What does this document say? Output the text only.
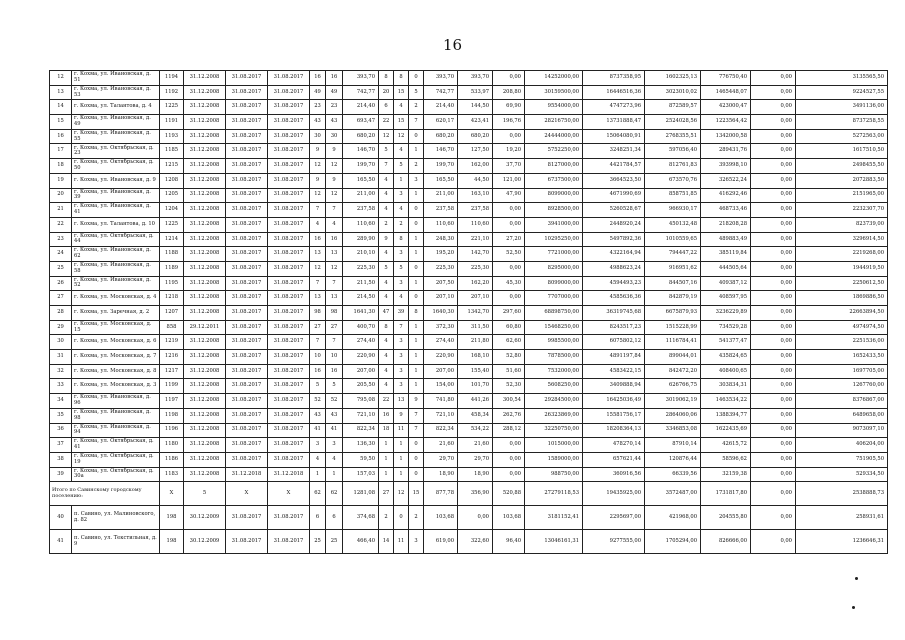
16
12	г. Кохма, ул. Ивановская, д. 51	1194	31.12.2008	31.08.2017	31.08.2017	16	16	393,70	8	8	0	393,70	393,70	0,00	14252000,00	8737358,95	1602325,13	776750,40	0,00	3135565,50
13	г. Кохма, ул. Ивановская, д. 53	1192	31.12.2008	31.08.2017	31.08.2017	49	49	742,77	20	15	5	742,77	533,97	208,80	30159500,00	16446516,36	3023010,02	1465448,07	0,00	9224527,55
14	г. Кохма, ул. Талантова, д. 4	1225	31.12.2008	31.08.2017	31.08.2017	23	23	214,40	6	4	2	214,40	144,50	69,90	9554000,00	4747273,96	872589,57	423000,47	0,00	3491136,00
15	г. Кохма, ул. Ивановская, д. 49	1191	31.12.2008	31.08.2017	31.08.2017	43	43	693,47	22	15	7	620,17	423,41	196,76	28216750,00	13731888,47	2524028,56	1223564,42	0,00	8737258,55
16	г. Кохма, ул. Ивановская, д. 55	1193	31.12.2008	31.08.2017	31.08.2017	30	30	680,20	12	12	0	680,20	680,20	0,00	24444000,00	15064080,91	2768355,51	1342000,58	0,00	5272563,00
17	г. Кохма, ул. Октябрьская, д. 23	1185	31.12.2008	31.08.2017	31.08.2017	9	9	146,70	5	4	1	146,70	127,50	19,20	5752250,00	3248251,34	597056,40	289431,76	0,00	1617510,50
18	г. Кохма, ул. Октябрьская, д. 50	1215	31.12.2008	31.08.2017	31.08.2017	12	12	199,70	7	5	2	199,70	162,00	37,70	8127000,00	4421784,57	812761,83	393998,10	0,00	2498455,50
19	г. Кохма, ул. Ивановская, д. 9	1208	31.12.2008	31.08.2017	31.08.2017	9	9	165,50	4	1	3	165,50	44,50	121,00	6737500,00	3664523,50	673570,76	326522,24	0,00	2072883,50
20	г. Кохма, ул. Ивановская, д. 39	1205	31.12.2008	31.08.2017	31.08.2017	12	12	211,00	4	3	1	211,00	163,10	47,90	8099000,00	4671990,69	858751,85	416292,46	0,00	2151965,00
21	г. Кохма, ул. Ивановская, д. 41	1204	31.12.2008	31.08.2017	31.08.2017	7	7	237,58	4	4	0	237,58	237,58	0,00	8928500,00	5260528,67	966930,17	468733,46	0,00	2232307,70
22	г. Кохма, ул. Талантова, д. 10	1225	31.12.2008	31.08.2017	31.08.2017	4	4	110,60	2	2	0	110,60	110,60	0,00	3941000,00	2448920,24	450132,48	218208,28	0,00	823739,00
23	г. Кохма, ул. Октябрьская, д. 44	1214	31.12.2008	31.08.2017	31.08.2017	16	16	289,90	9	8	1	248,30	221,10	27,20	10295250,00	5497892,36	1010559,65	489883,49	0,00	3296914,50
24	г. Кохма, ул. Ивановская, д. 62	1188	31.12.2008	31.08.2017	31.08.2017	13	13	210,10	4	3	1	195,20	142,70	52,50	7721000,00	4322164,94	794447,22	385119,84	0,00	2219268,00
25	г. Кохма, ул. Ивановская, д. 58	1189	31.12.2008	31.08.2017	31.08.2017	12	12	225,30	5	5	0	225,30	225,30	0,00	8295000,00	4988623,24	916951,62	444505,64	0,00	1944919,50
26	г. Кохма, ул. Ивановская, д. 52	1195	31.12.2008	31.08.2017	31.08.2017	7	7	211,50	4	3	1	207,50	162,20	45,30	8099000,00	4594493,23	844507,16	409387,12	0,00	2250612,50
27	г. Кохма, ул. Московская, д. 4	1218	31.12.2008	31.08.2017	31.08.2017	13	13	214,50	4	4	0	207,10	207,10	0,00	7707000,00	4585636,36	842879,19	408597,95	0,00	1869886,50
28	г. Кохма, ул. Заречная, д. 2	1207	31.12.2008	31.08.2017	31.08.2017	98	98	1641,30	47	39	8	1640,30	1342,70	297,60	68898750,00	36319745,68	6675879,93	3236229,89	0,00	22663894,50
29	г. Кохма, ул. Московская, д. 15	858	29.12.2011	31.08.2017	31.08.2017	27	27	400,70	8	7	1	372,30	311,50	60,80	15468250,00	8243517,23	1515228,99	734529,28	0,00	4974974,50
30	г. Кохма, ул. Московская, д. 6	1219	31.12.2008	31.08.2017	31.08.2017	7	7	274,40	4	3	1	274,40	211,80	62,60	9985500,00	6075802,12	1116784,41	541377,47	0,00	2251536,00
31	г. Кохма, ул. Московская, д. 7	1216	31.12.2008	31.08.2017	31.08.2017	10	10	220,90	4	3	1	220,90	168,10	52,80	7878500,00	4891197,84	899044,01	435824,65	0,00	1652433,50
32	г. Кохма, ул. Московская, д. 8	1217	31.12.2008	31.08.2017	31.08.2017	16	16	207,00	4	3	1	207,00	155,40	51,60	7532000,00	4583422,15	842472,20	408400,65	0,00	1697705,00
33	г. Кохма, ул. Московская, д. 3	1199	31.12.2008	31.08.2017	31.08.2017	5	5	205,50	4	3	1	154,00	101,70	52,30	5608250,00	3409888,94	626766,75	303834,31	0,00	1267760,00
34	г. Кохма, ул. Ивановская, д. 96	1197	31.12.2008	31.08.2017	31.08.2017	52	52	795,08	22	13	9	741,80	441,26	300,54	29284500,00	16425036,49	3019062,19	1463534,22	0,00	8376867,00
35	г. Кохма, ул. Ивановская, д. 98	1198	31.12.2008	31.08.2017	31.08.2017	43	43	721,10	16	9	7	721,10	458,34	262,76	26323869,00	15581756,17	2864060,06	1388394,77	0,00	6489658,00
36	г. Кохма, ул. Ивановская, д. 94	1196	31.12.2008	31.08.2017	31.08.2017	41	41	822,34	18	11	7	822,34	534,22	288,12	32250750,00	18208364,13	3346853,08	1622435,69	0,00	9073097,10
37	г. Кохма, ул. Октябрьская, д. 41	1180	31.12.2008	31.08.2017	31.08.2017	3	3	136,30	1	1	0	21,60	21,60	0,00	1015000,00	478270,14	87910,14	42615,72	0,00	406204,00
38	г. Кохма, ул. Октябрьская, д. 19	1186	31.12.2008	31.08.2017	31.08.2017	4	4	59,50	1	1	0	29,70	29,70	0,00	1589000,00	657621,44	120876,44	58596,62	0,00	751905,50
39	г. Кохма, ул. Октябрьская, д. 30а	1183	31.12.2008	31.12.2018	31.12.2018	1	1	157,03	1	1	0	18,90	18,90	0,00	988750,00	360916,56	66339,56	32159,38	0,00	529334,50
Итого по Савинскому городскому поселению:		X	5	X	X	62	62	1281,08	27	12	15	877,78	356,90	520,88	27279118,53	19435925,00	3572487,00	1731817,80	0,00	2538888,73
40	п. Савино, ул. Малиновского, д. 82	198	30.12.2009	31.08.2017	31.08.2017	6	6	374,68	2	0	2	103,68	0,00	103,68	3181152,41	2295697,00	421968,00	204555,80	0,00	258931,61
41	п. Савино, ул. Текстильная, д. 9	198	30.12.2009	31.08.2017	31.08.2017	25	25	466,40	14	11	3	619,00	322,60	96,40	13046161,31	9277555,00	1705294,00	826666,00	0,00	1236646,31
